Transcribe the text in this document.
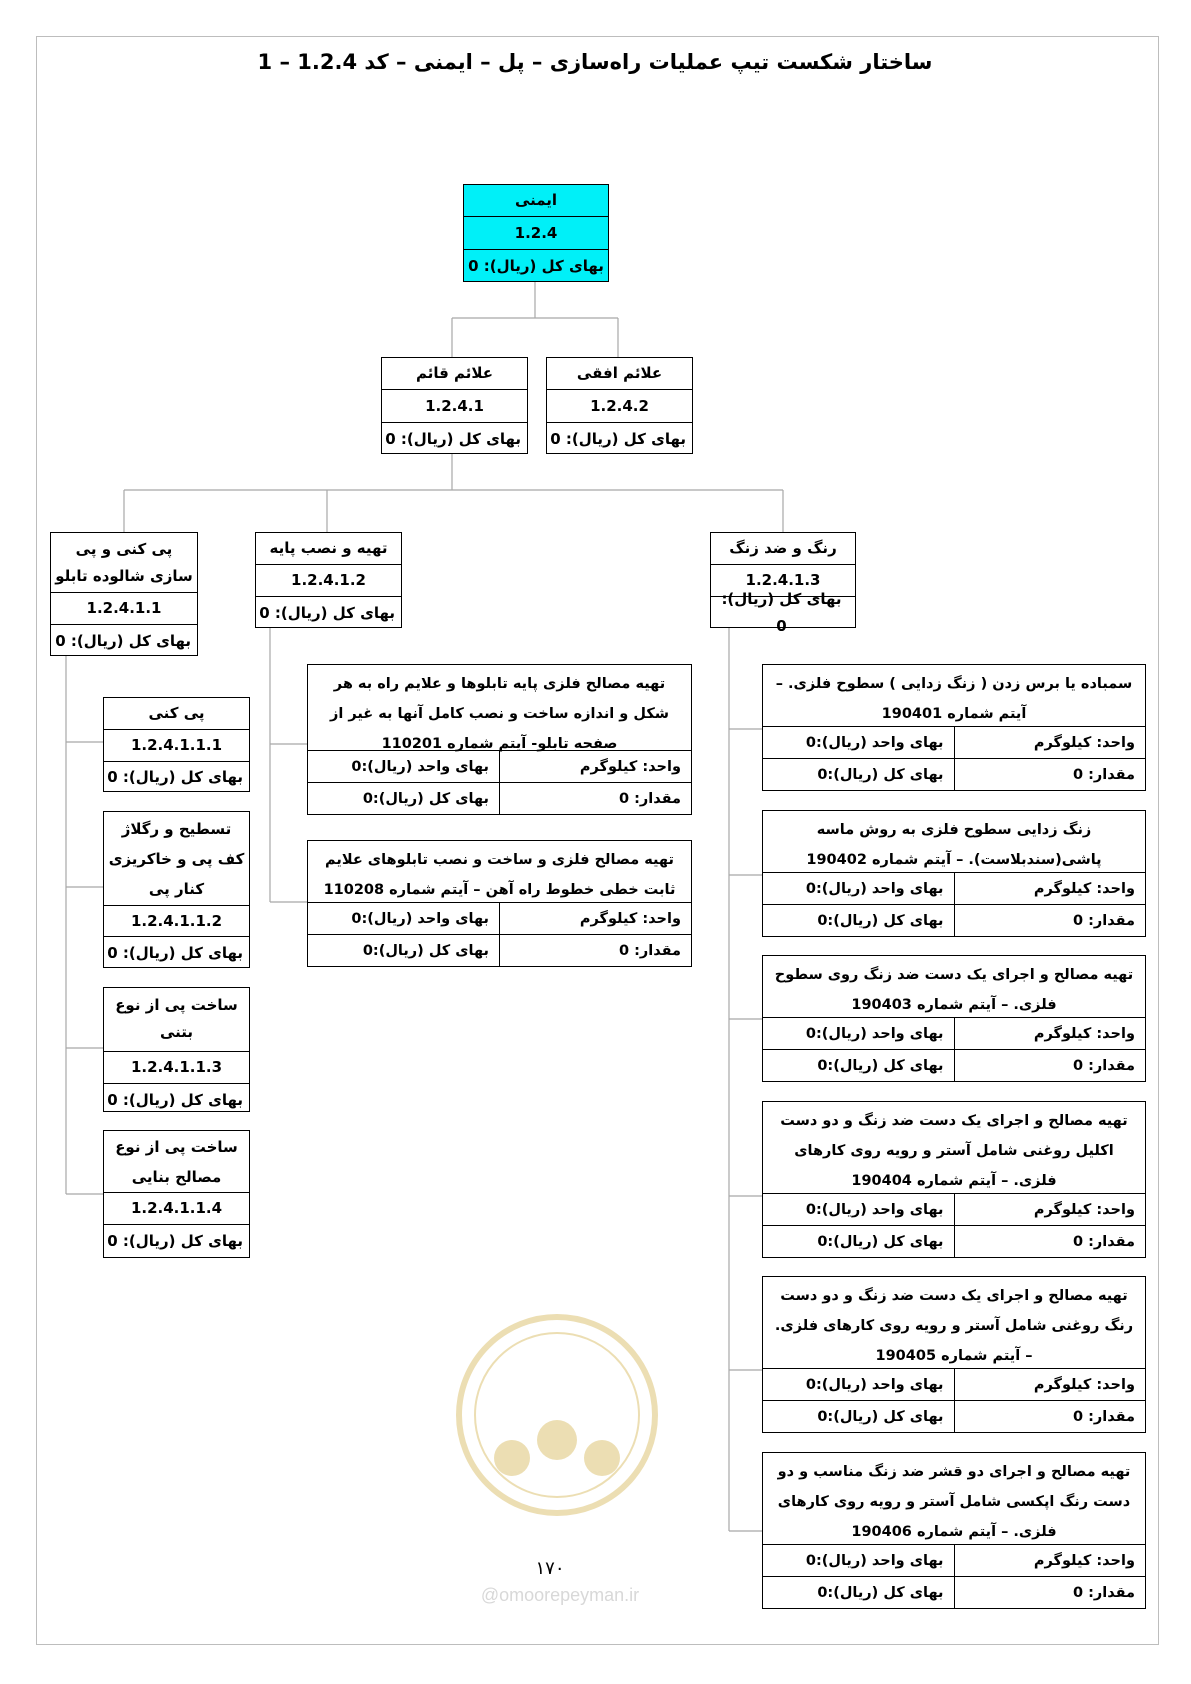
ساختار شکست تیپ عملیات راه‌سازی – پل – ایمنی – کد 1.2.4 – 1
ایمنی
1.2.4
بهای کل (ریال): 0
علائم قائم
1.2.4.1
بهای کل (ریال): 0
علائم افقی
1.2.4.2
بهای کل (ریال): 0
پی کنی و پی سازی شالوده تابلو
1.2.4.1.1
بهای کل (ریال): 0
تهیه و نصب پایه
1.2.4.1.2
بهای کل (ریال): 0
رنگ و ضد زنگ
1.2.4.1.3
بهای کل (ریال): 0
پی کنی
1.2.4.1.1.1
بهای کل (ریال): 0
تسطیح و رگلاژ کف پی و خاکریزی کنار پی
1.2.4.1.1.2
بهای کل (ریال): 0
ساخت پی از نوع بتنی
1.2.4.1.1.3
بهای کل (ریال): 0
ساخت پی از نوع مصالح بنایی
1.2.4.1.1.4
بهای کل (ریال): 0
تهیه مصالح فلزی پایه تابلوها و علایم راه به هر شکل و اندازه ساخت و نصب کامل آنها به غیر از صفحه تابلو- آیتم شماره 110201
واحد: کیلوگرم
بهای واحد (ریال):0
مقدار: 0
بهای کل (ریال):0
تهیه مصالح فلزی و ساخت و نصب تابلوهای علایم ثابت خطی خطوط راه آهن – آیتم شماره 110208
واحد: کیلوگرم
بهای واحد (ریال):0
مقدار: 0
بهای کل (ریال):0
سمباده یا برس زدن ( زنگ زدایی ) سطوح فلزی. – آیتم شماره 190401
واحد: کیلوگرم
بهای واحد (ریال):0
مقدار: 0
بهای کل (ریال):0
زنگ زدایی سطوح فلزی به روش ماسه پاشی(سندبلاست). – آیتم شماره 190402
واحد: کیلوگرم
بهای واحد (ریال):0
مقدار: 0
بهای کل (ریال):0
تهیه مصالح و اجرای یک دست ضد زنگ روی سطوح فلزی. – آیتم شماره 190403
واحد: کیلوگرم
بهای واحد (ریال):0
مقدار: 0
بهای کل (ریال):0
تهیه مصالح و اجرای یک دست ضد زنگ و دو دست اکلیل روغنی شامل آستر و رویه روی کارهای فلزی. – آیتم شماره 190404
واحد: کیلوگرم
بهای واحد (ریال):0
مقدار: 0
بهای کل (ریال):0
تهیه مصالح و اجرای یک دست ضد زنگ و دو دست رنگ روغنی شامل آستر و رویه روی کارهای فلزی. – آیتم شماره 190405
واحد: کیلوگرم
بهای واحد (ریال):0
مقدار: 0
بهای کل (ریال):0
تهیه مصالح و اجرای دو قشر ضد زنگ مناسب و دو دست رنگ اپکسی شامل آستر و رویه روی کارهای فلزی. – آیتم شماره 190406
واحد: کیلوگرم
بهای واحد (ریال):0
مقدار: 0
بهای کل (ریال):0
۱۷۰
@omoorepeyman.ir
